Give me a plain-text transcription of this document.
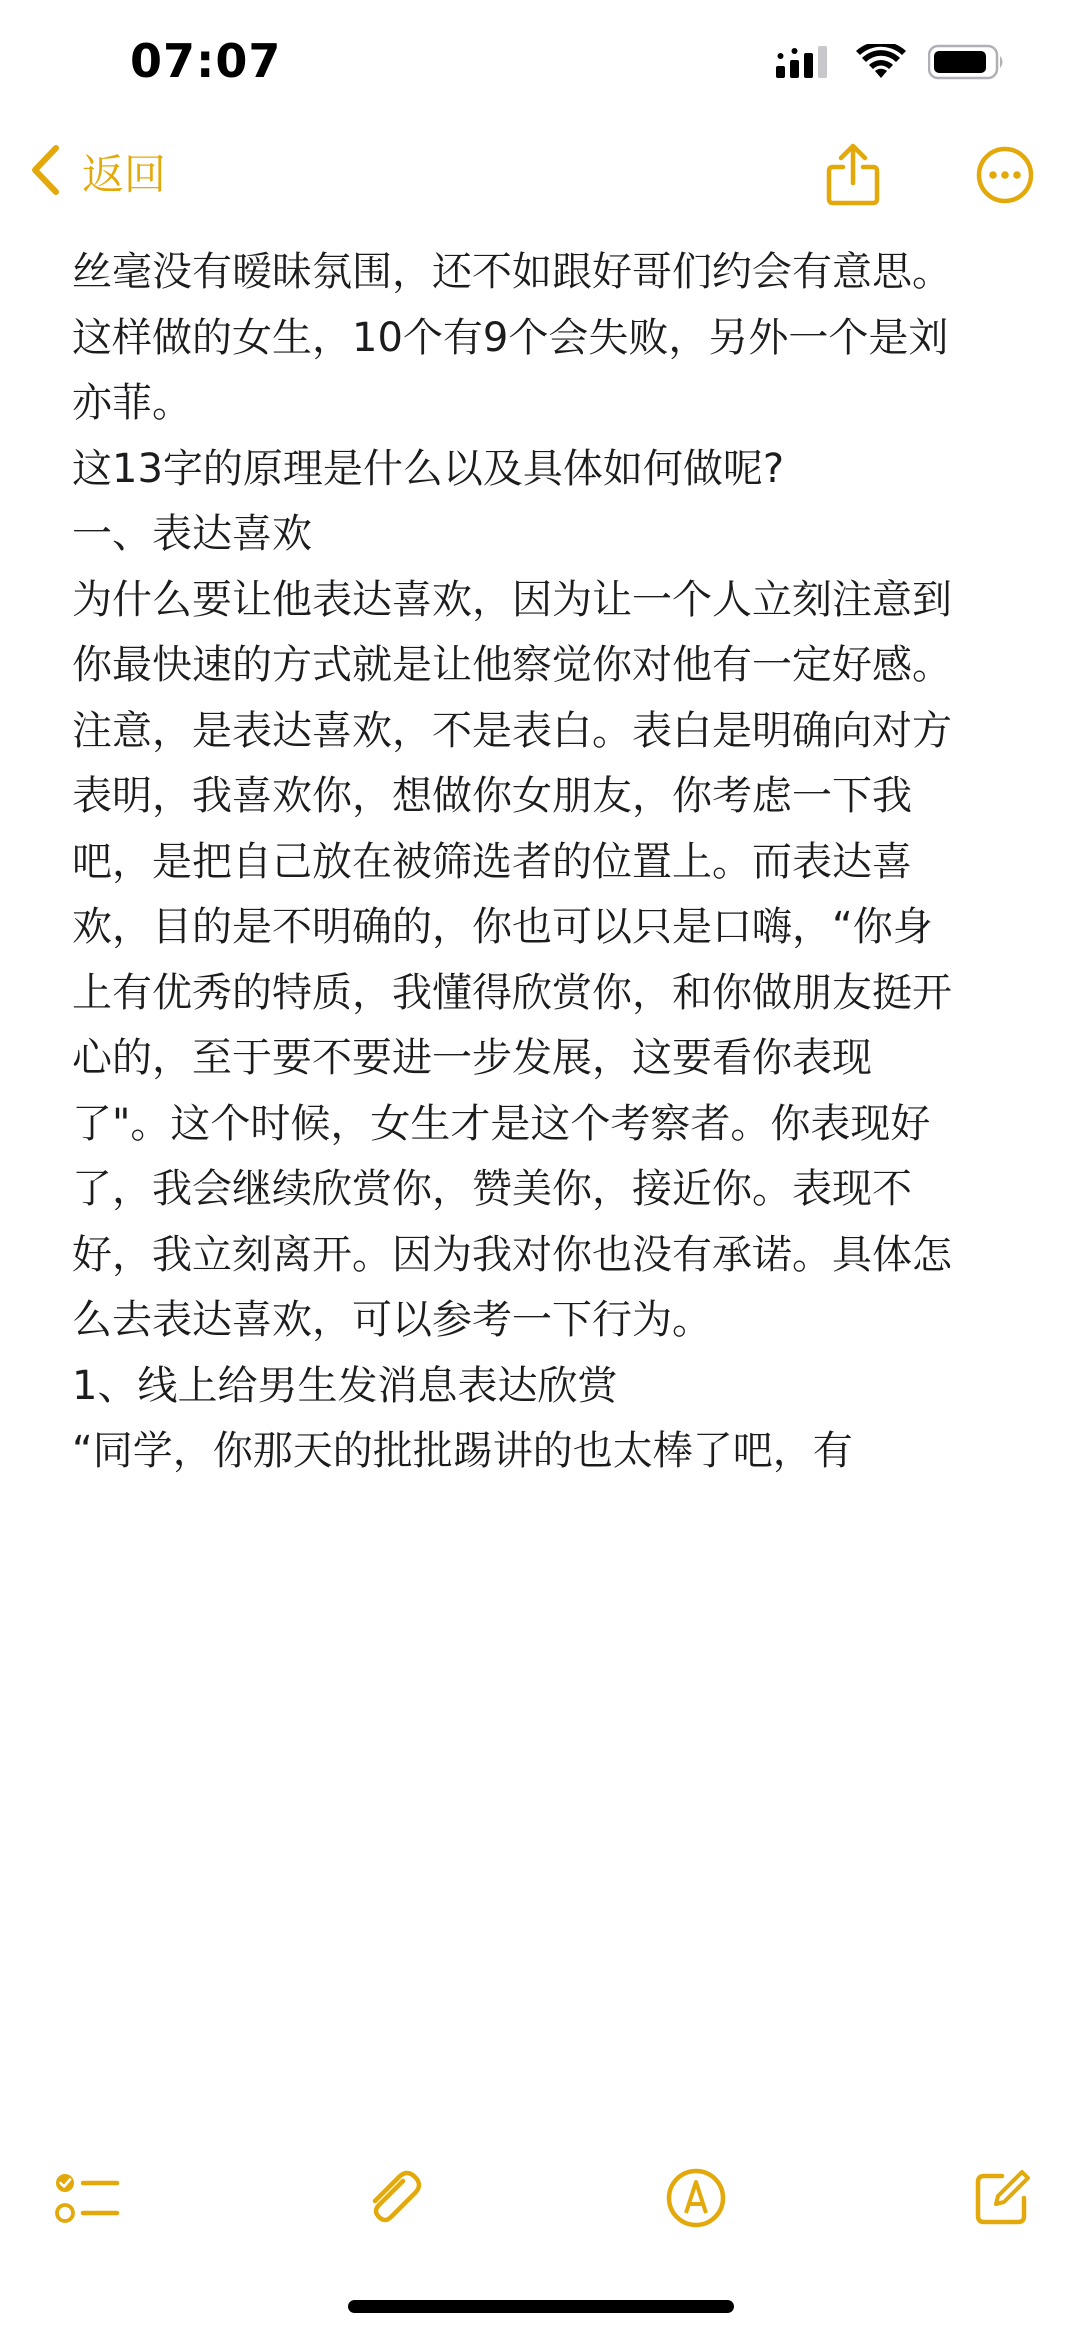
07:07
返回
丝毫没有暧昧氛围，还不如跟好哥们约会有意思。
这样做的女生，10个有9个会失败，另外一个是刘
亦菲。
这13字的原理是什么以及具体如何做呢?
一、表达喜欢
为什么要让他表达喜欢，因为让一个人立刻注意到
你最快速的方式就是让他察觉你对他有一定好感。
注意，是表达喜欢，不是表白。表白是明确向对方
表明，我喜欢你，想做你女朋友，你考虑一下我
吧，是把自己放在被筛选者的位置上。而表达喜
欢，目的是不明确的，你也可以只是口嗨，“你身
上有优秀的特质，我懂得欣赏你，和你做朋友挺开
心的，至于要不要进一步发展，这要看你表现
了"。这个时候，女生才是这个考察者。你表现好
了，我会继续欣赏你，赞美你，接近你。表现不
好，我立刻离开。因为我对你也没有承诺。具体怎
么去表达喜欢，可以参考一下行为。
1、线上给男生发消息表达欣赏
“同学，你那天的批批踢讲的也太棒了吧，有
